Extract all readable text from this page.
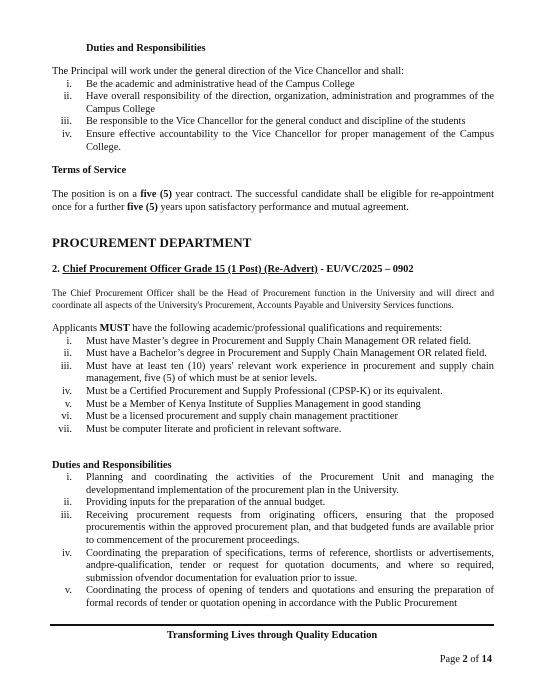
Duties and Responsibilities
The Principal will work under the general direction of the Vice Chancellor and shall:
i. Be the academic and administrative head of the Campus College
ii. Have overall responsibility of the direction, organization, administration and programmes of the Campus College
iii. Be responsible to the Vice Chancellor for the general conduct and discipline of the students
iv. Ensure effective accountability to the Vice Chancellor for proper management of the Campus College.
Terms of Service
The position is on a five (5) year contract. The successful candidate shall be eligible for re-appointment once for a further five (5) years upon satisfactory performance and mutual agreement.
PROCUREMENT DEPARTMENT
2. Chief Procurement Officer Grade 15 (1 Post) (Re-Advert) - EU/VC/2025 – 0902
The Chief Procurement Officer shall be the Head of Procurement function in the University and will direct and coordinate all aspects of the University's Procurement, Accounts Payable and University Services functions.
Applicants MUST have the following academic/professional qualifications and requirements:
i. Must have Master’s degree in Procurement and Supply Chain Management OR related field.
ii. Must have a Bachelor’s degree in Procurement and Supply Chain Management OR related field.
iii. Must have at least ten (10) years' relevant work experience in procurement and supply chain management, five (5) of which must be at senior levels.
iv. Must be a Certified Procurement and Supply Professional (CPSP-K) or its equivalent.
v. Must be a Member of Kenya Institute of Supplies Management in good standing
vi. Must be a licensed procurement and supply chain management practitioner
vii. Must be computer literate and proficient in relevant software.
Duties and Responsibilities
i. Planning and coordinating the activities of the Procurement Unit and managing the developmentand implementation of the procurement plan in the University.
ii. Providing inputs for the preparation of the annual budget.
iii. Receiving procurement requests from originating officers, ensuring that the proposed procurementis within the approved procurement plan, and that budgeted funds are available prior to commencement of the procurement proceedings.
iv. Coordinating the preparation of specifications, terms of reference, shortlists or advertisements, andpre-qualification, tender or request for quotation documents, and where so required, submission ofvendor documentation for evaluation prior to issue.
v. Coordinating the process of opening of tenders and quotations and ensuring the preparation of formal records of tender or quotation opening in accordance with the Public Procurement
Transforming Lives through Quality Education
Page 2 of 14
